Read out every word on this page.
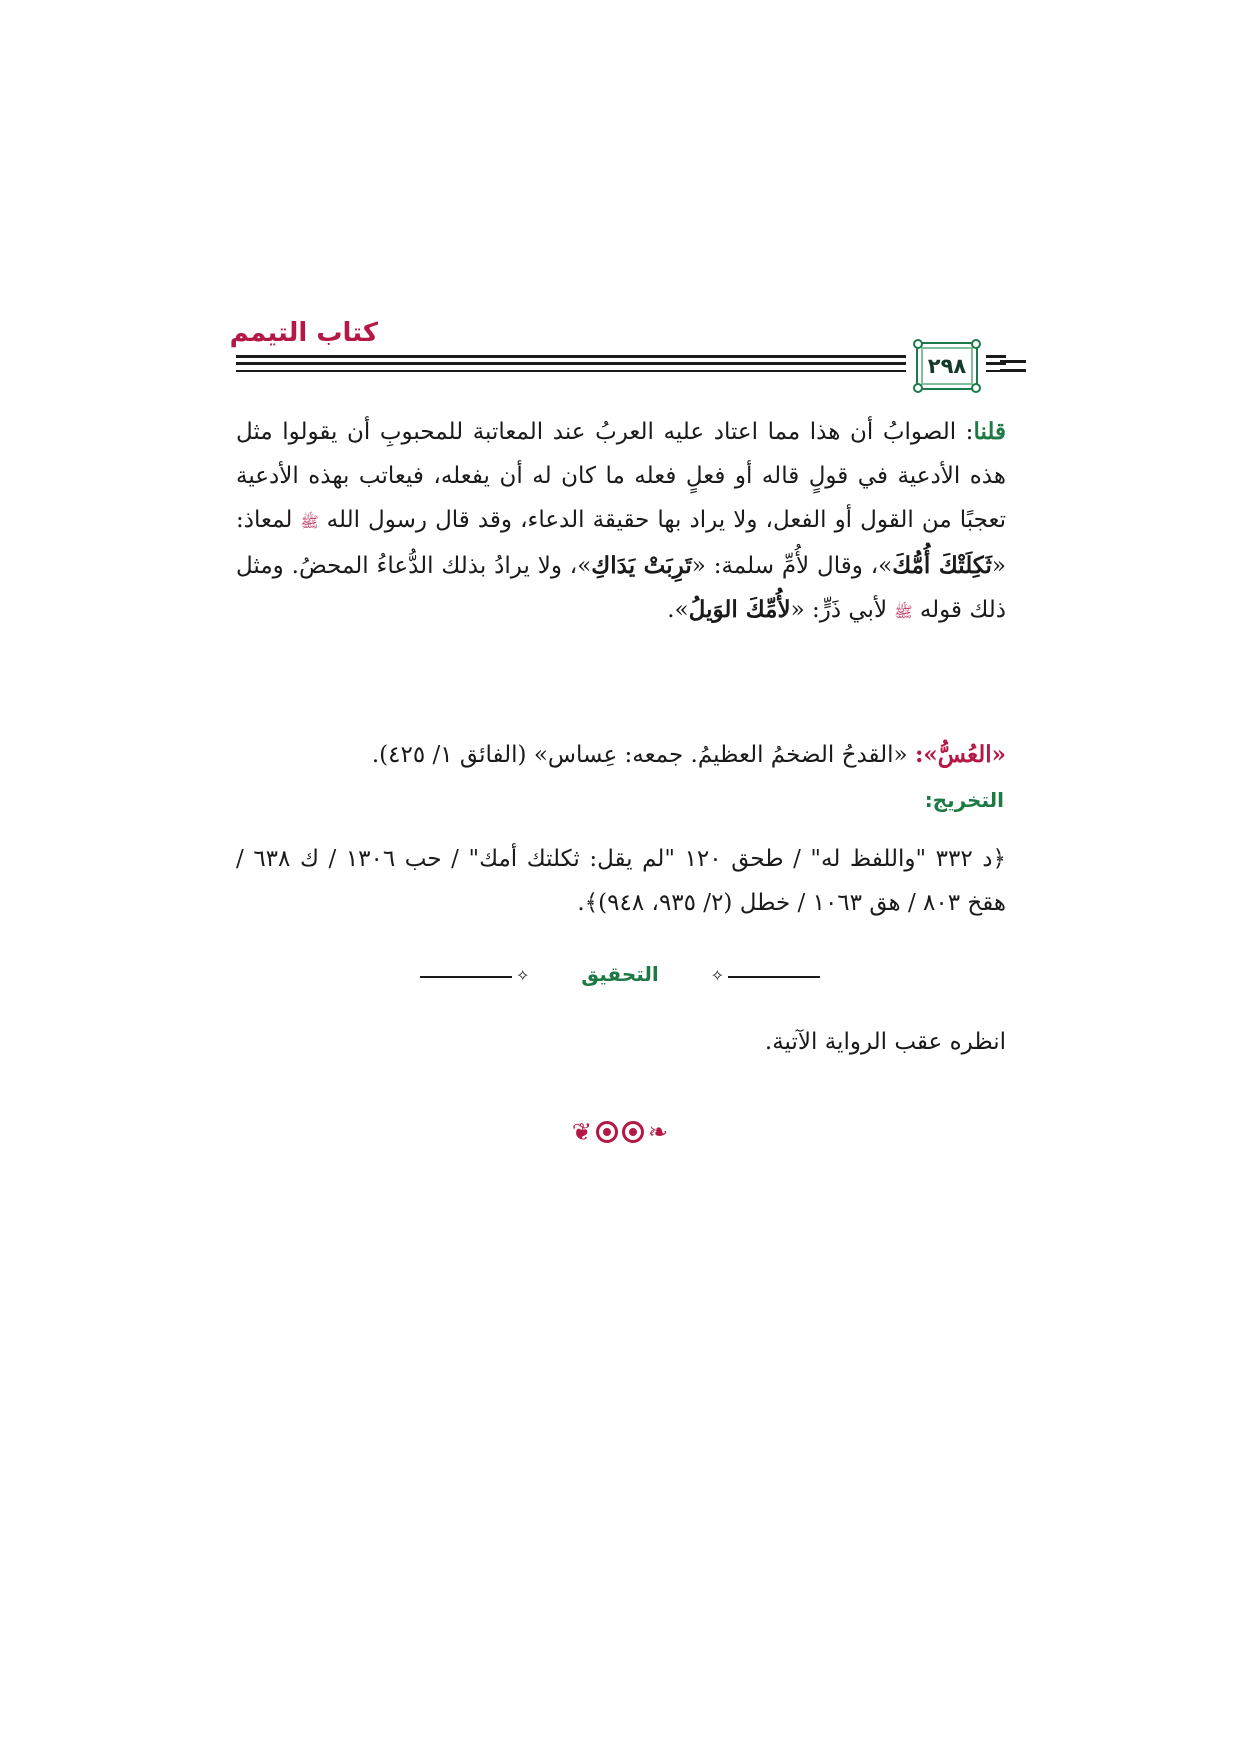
كتاب التيمم
٢٩٨
قلنا: الصوابُ أن هذا مما اعتاد عليه العربُ عند المعاتبة للمحبوبِ أن يقولوا مثل هذه الأدعية في قولٍ قاله أو فعلٍ فعله ما كان له أن يفعله، فيعاتب بهذه الأدعية تعجبًا من القول أو الفعل، ولا يراد بها حقيقة الدعاء، وقد قال رسول الله ﷺ لمعاذ: «ثَكِلَتْكَ أُمُّكَ»، وقال لأُمِّ سلمة: «تَرِبَتْ يَدَاكِ»، ولا يرادُ بذلك الدُّعاءُ المحضُ. ومثل ذلك قوله ﷺ لأبي ذَرٍّ: «لأُمِّكَ الوَيلُ».
«العُسُّ»: «القدحُ الضخمُ العظيمُ. جمعه: عِساس» (الفائق ١/ ٤٢٥).
التخريج:
﴿د ٣٣٢ "واللفظ له" / طحق ١٢٠ "لم يقل: ثكلتك أمك" / حب ١٣٠٦ / ك ٦٣٨ / هقخ ٨٠٣ / هق ١٠٦٣ / خطل (٢/ ٩٣٥، ٩٤٨)﴾.
✧	التحقيق	✧
انظره عقب الرواية الآتية.
❦ ❧
